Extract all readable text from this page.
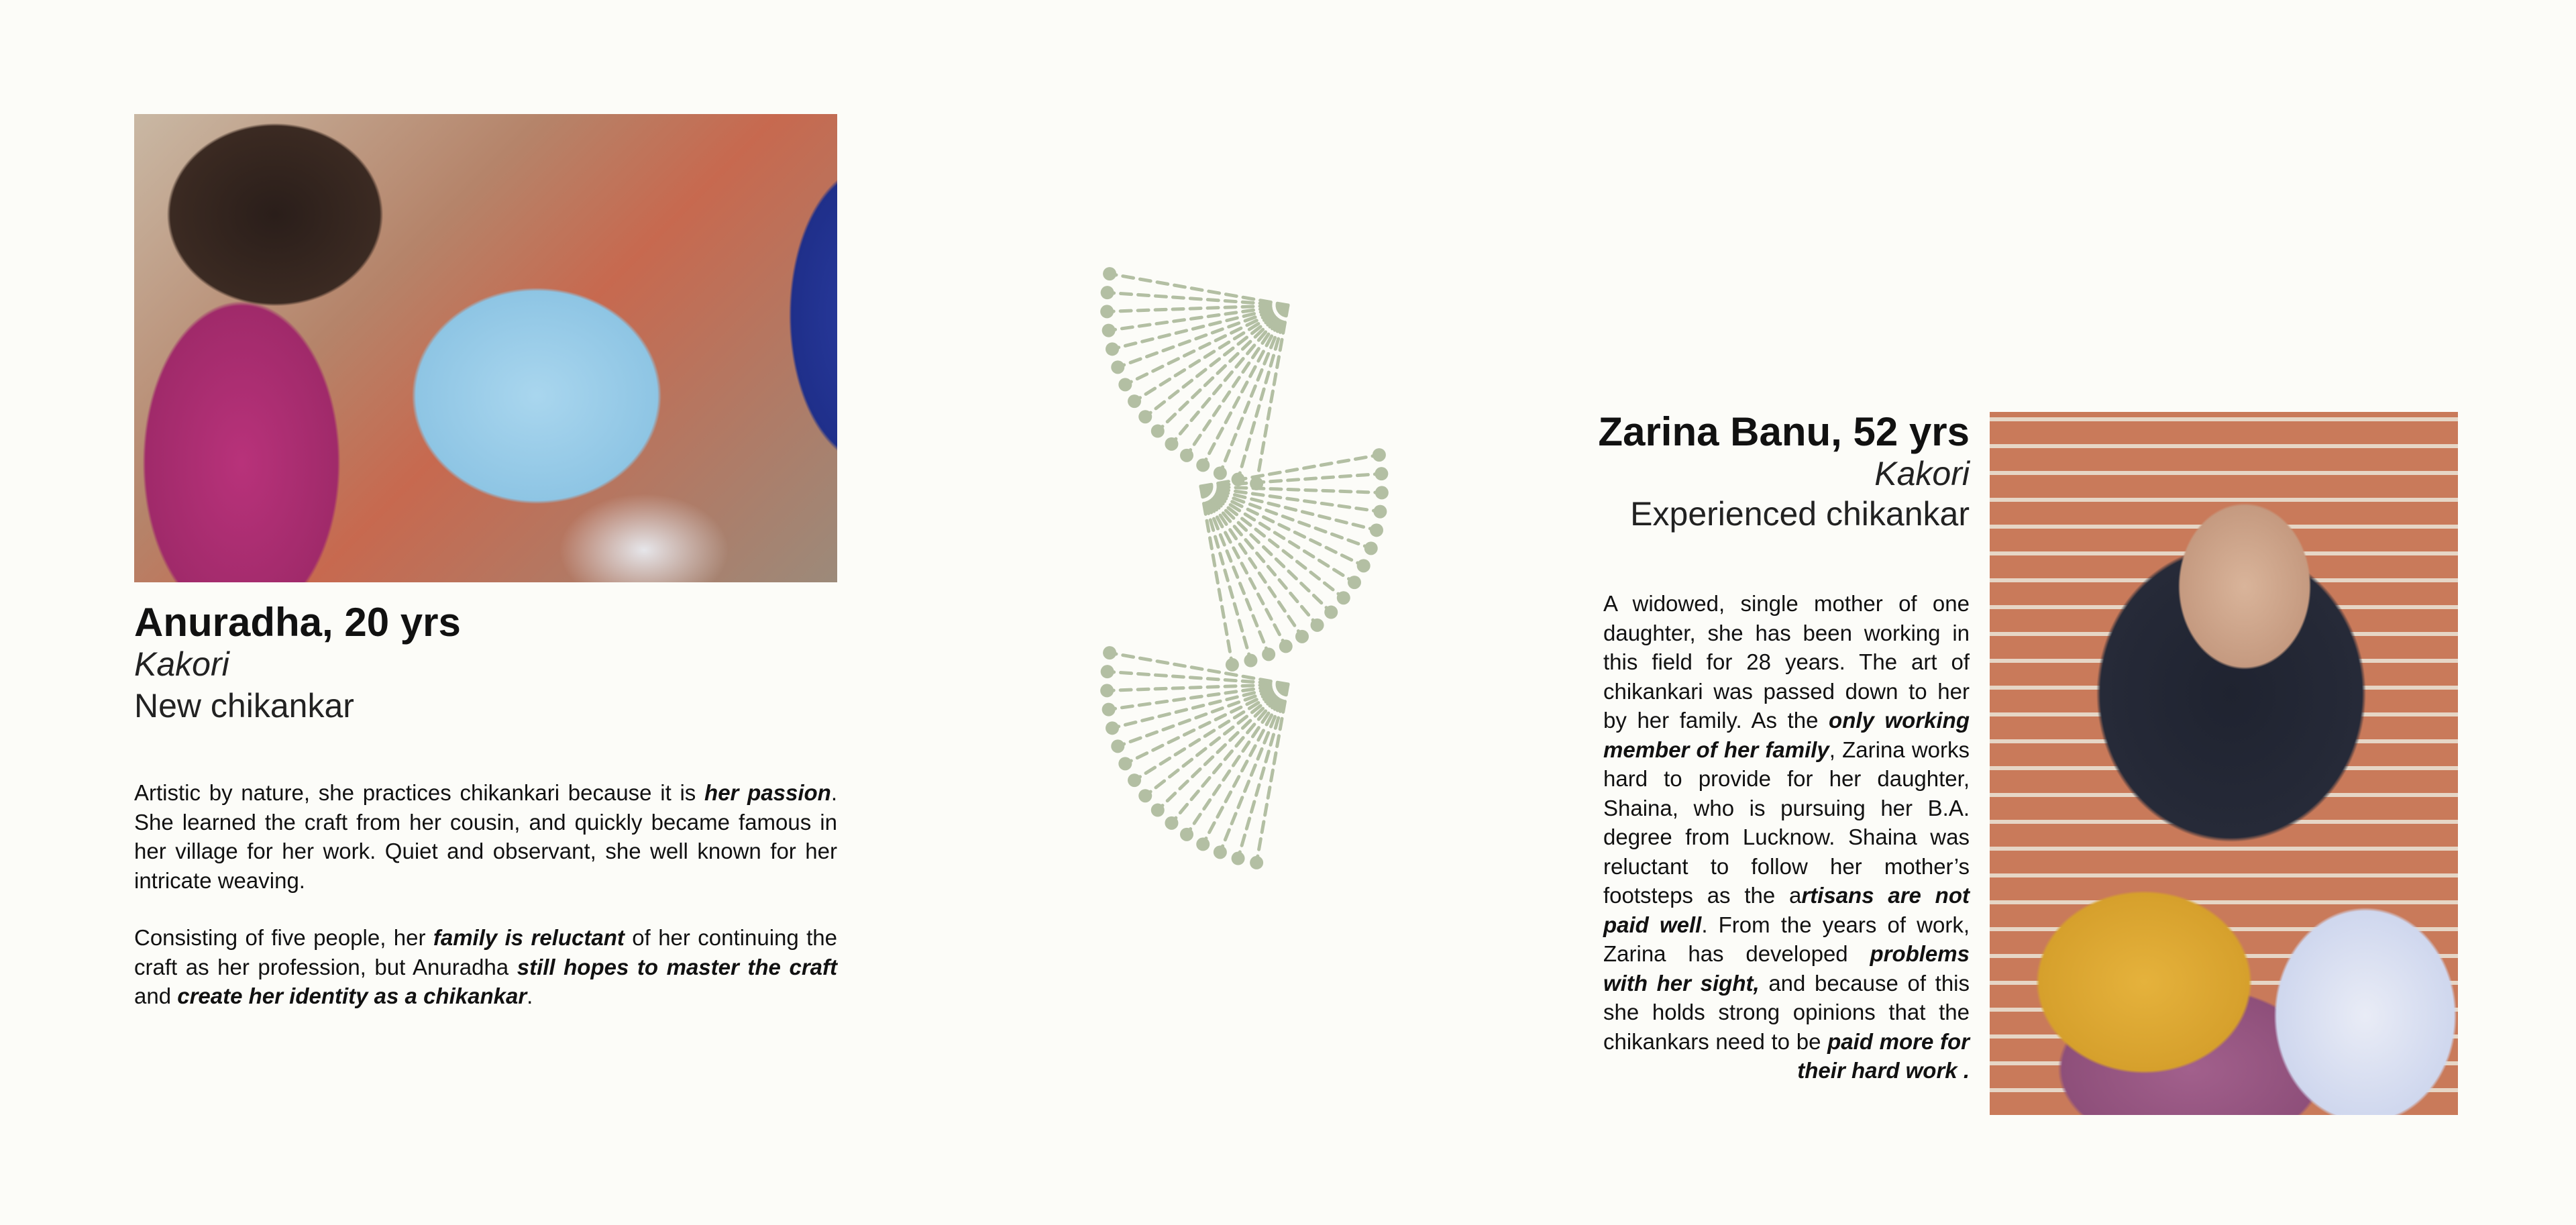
Anuradha, 20 yrs
Kakori
New chikankar

Artistic by nature, she practices chikankari because it is her passion. She learned the craft from her cousin, and quickly became famous in her village for her work. Quiet and observant, she well known for her intricate weaving.

Consisting of five people, her family is reluctant of her continuing the craft as her profession, but Anuradha still hopes to master the craft and create her identity as a chikankar.

Zarina Banu, 52 yrs
Kakori
Experienced chikankar

A widowed, single mother of one daughter, she has been working in this field for 28 years. The art of chikankari was passed down to her by her family. As the only working member of her family, Zarina works hard to provide for her daughter, Shaina, who is pursuing her B.A. degree from Lucknow. Shaina was reluctant to follow her mother’s footsteps as the artisans are not paid well. From the years of work, Zarina has developed problems with her sight, and because of this she holds strong opinions that the chikankars need to be paid more for their hard work .
